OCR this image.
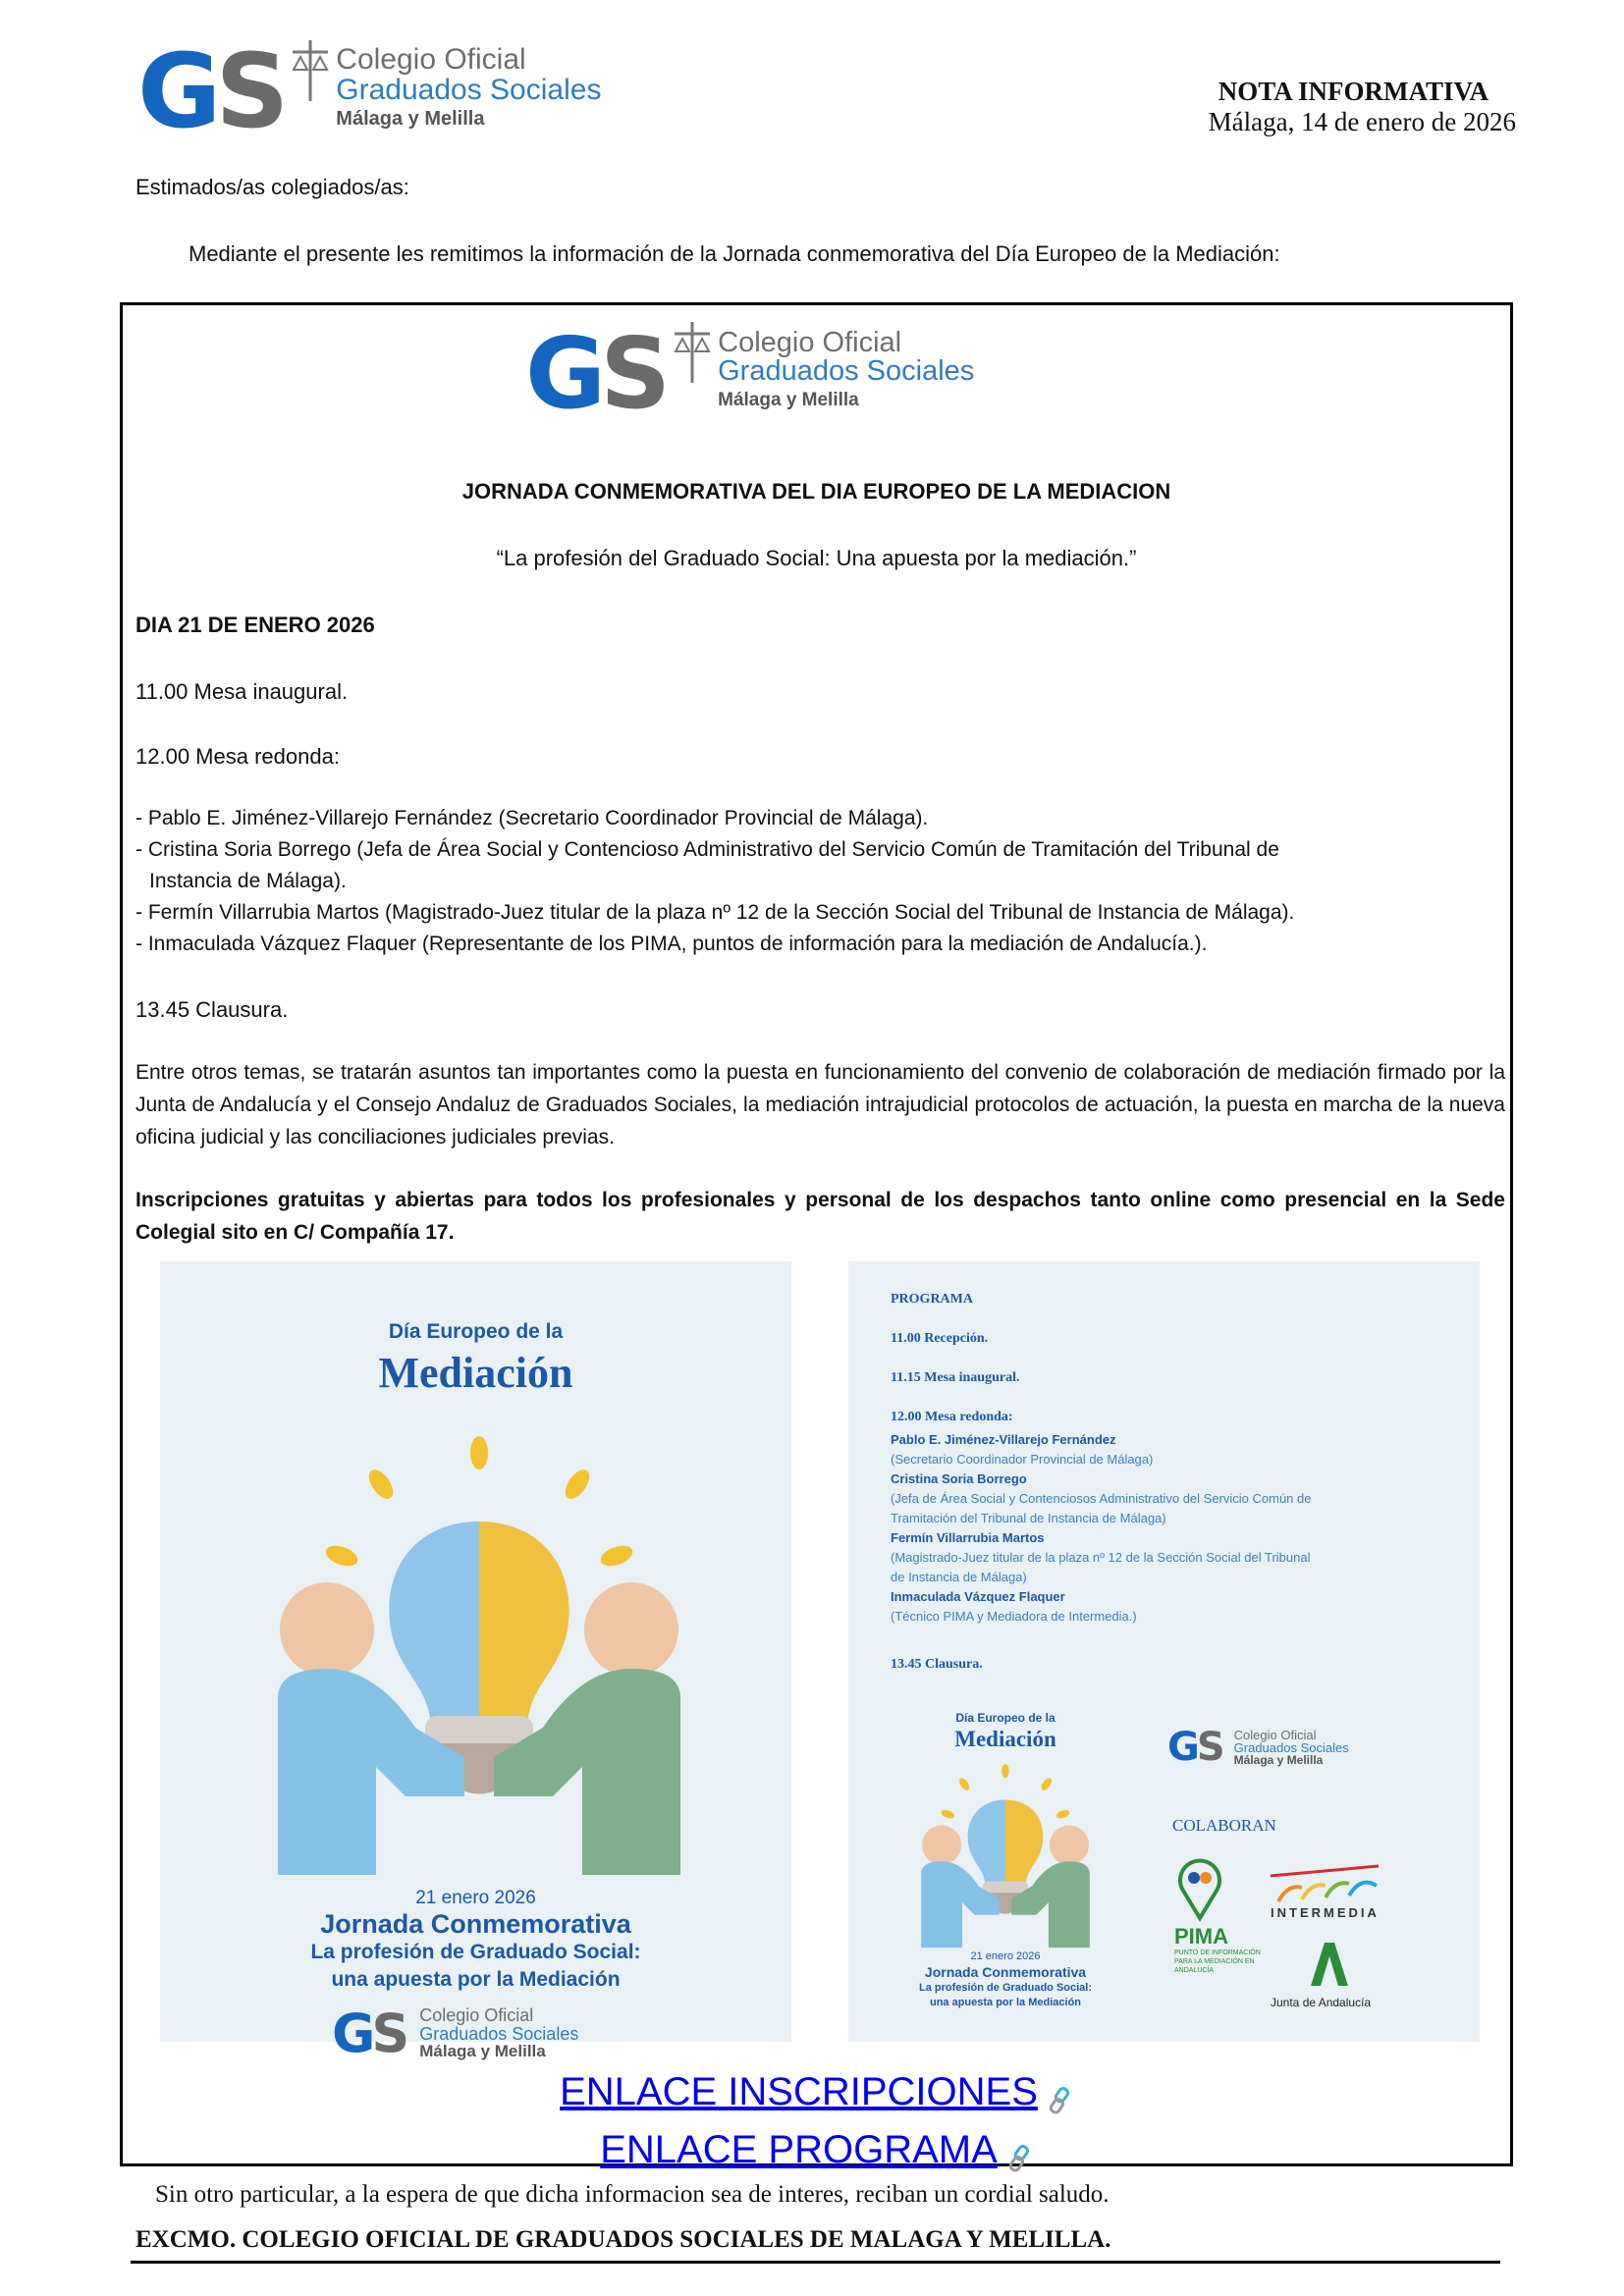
G S Colegio Oficial
Graduados Sociales
Málaga y Melilla
NOTA INFORMATIVA
Málaga, 14 de enero de 2026
Estimados/as colegiados/as:
Mediante el presente les remitimos la información de la Jornada conmemorativa del Día Europeo de la Mediación:
G S Colegio Oficial
Graduados Sociales
Málaga y Melilla
JORNADA CONMEMORATIVA DEL DIA EUROPEO DE LA MEDIACION
“La profesión del Graduado Social: Una apuesta por la mediación.”
DIA 21 DE ENERO 2026
11.00 Mesa inaugural.
12.00 Mesa redonda:
- Pablo E. Jiménez-Villarejo Fernández (Secretario Coordinador Provincial de Málaga).
- Cristina Soria Borrego (Jefa de Área Social y Contencioso Administrativo del Servicio Común de Tramitación del Tribunal de
Instancia de Málaga).
- Fermín Villarrubia Martos (Magistrado-Juez titular de la plaza nº 12 de la Sección Social del Tribunal de Instancia de Málaga).
- Inmaculada Vázquez Flaquer (Representante de los PIMA, puntos de información para la mediación de Andalucía.).
13.45 Clausura.
Entre otros temas, se tratarán asuntos tan importantes como la puesta en funcionamiento del convenio de colaboración de mediación firmado por la Junta de Andalucía y el Consejo Andaluz de Graduados Sociales, la mediación intrajudicial protocolos de actuación, la puesta en marcha de la nueva oficina judicial y las conciliaciones judiciales previas.
Inscripciones gratuitas y abiertas para todos los profesionales y personal de los despachos tanto online como presencial en la Sede Colegial sito en C/ Compañía 17.
Día Europeo de la
Mediación
21 enero 2026
Jornada Conmemorativa
La profesión de Graduado Social:
una apuesta por la Mediación
G S Colegio Oficial
Graduados Sociales
Málaga y Melilla
PROGRAMA
11.00 Recepción.
11.15 Mesa inaugural.
12.00 Mesa redonda:
Pablo E. Jiménez-Villarejo Fernández
(Secretario Coordinador Provincial de Málaga)
Cristina Soria Borrego
(Jefa de Área Social y Contenciosos Administrativo del Servicio Común de Tramitación del Tribunal de Instancia de Málaga)
Fermín Villarrubia Martos
(Magistrado-Juez titular de la plaza nº 12 de la Sección Social del Tribunal de Instancia de Málaga)
Inmaculada Vázquez Flaquer
(Técnico PIMA y Mediadora de Intermedia.)
13.45 Clausura.
Día Europeo de la
Mediación
21 enero 2026
Jornada Conmemorativa
La profesión de Graduado Social:
una apuesta por la Mediación
G S Colegio Oficial
Graduados Sociales
Málaga y Melilla
COLABORAN
PIMA
PUNTO DE INFORMACIÓN PARA LA MEDIACIÓN EN ANDALUCÍA
INTERMEDIA
Junta de Andalucía
ENLACE INSCRIPCIONES
ENLACE PROGRAMA
Sin otro particular, a la espera de que dicha informacion sea de interes, reciban un cordial saludo.
EXCMO. COLEGIO OFICIAL DE GRADUADOS SOCIALES DE MALAGA Y MELILLA.
